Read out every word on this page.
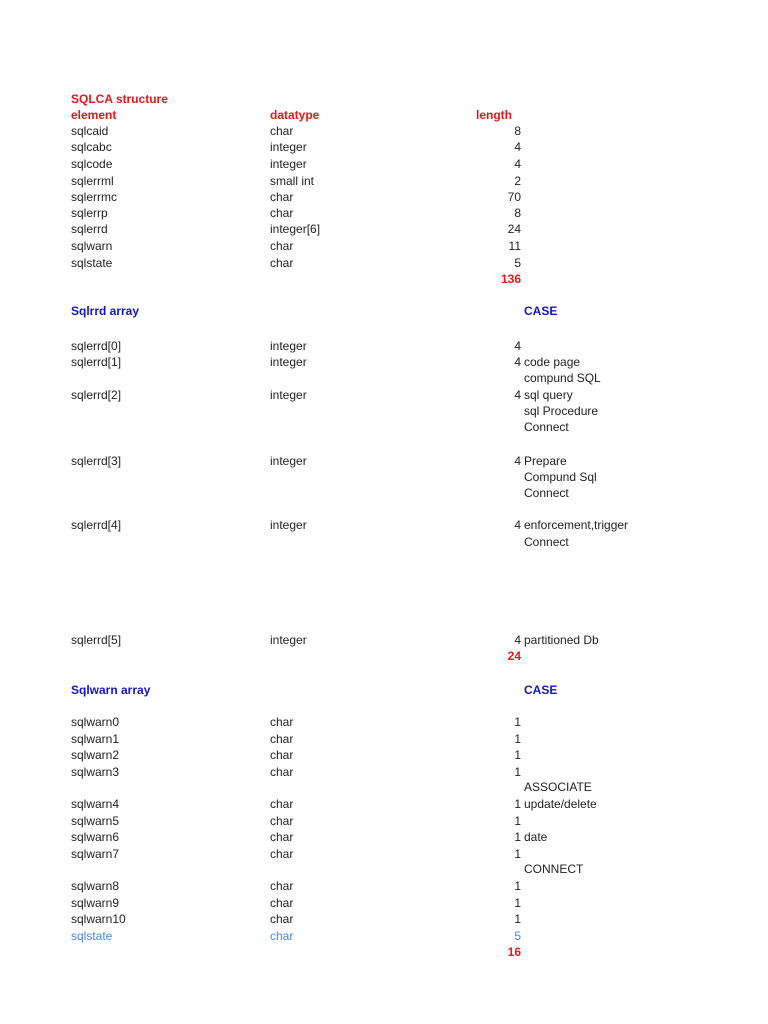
SQLCA structure
element	datatype	length
sqlcaid	char	8
sqlcabc	integer	4
sqlcode	integer	4
sqlerrml	small int	2
sqlerrmc	char	70
sqlerrp	char	8
sqlerrd	integer[6]	24
sqlwarn	char	11
sqlstate	char	5
136
Sqlrrd array	CASE
sqlerrd[0]	integer	4
sqlerrd[1]	integer	4 code page
compund SQL
sqlerrd[2]	integer	4 sql query
sql Procedure
Connect
sqlerrd[3]	integer	4 Prepare
Compund Sql
Connect
sqlerrd[4]	integer	4 enforcement,trigger
Connect
sqlerrd[5]	integer	4 partitioned Db
24
Sqlwarn array	CASE
sqlwarn0	char	1
sqlwarn1	char	1
sqlwarn2	char	1
sqlwarn3	char	1
ASSOCIATE
sqlwarn4	char	1 update/delete
sqlwarn5	char	1
sqlwarn6	char	1 date
sqlwarn7	char	1
CONNECT
sqlwarn8	char	1
sqlwarn9	char	1
sqlwarn10	char	1
sqlstate	char	5
16
